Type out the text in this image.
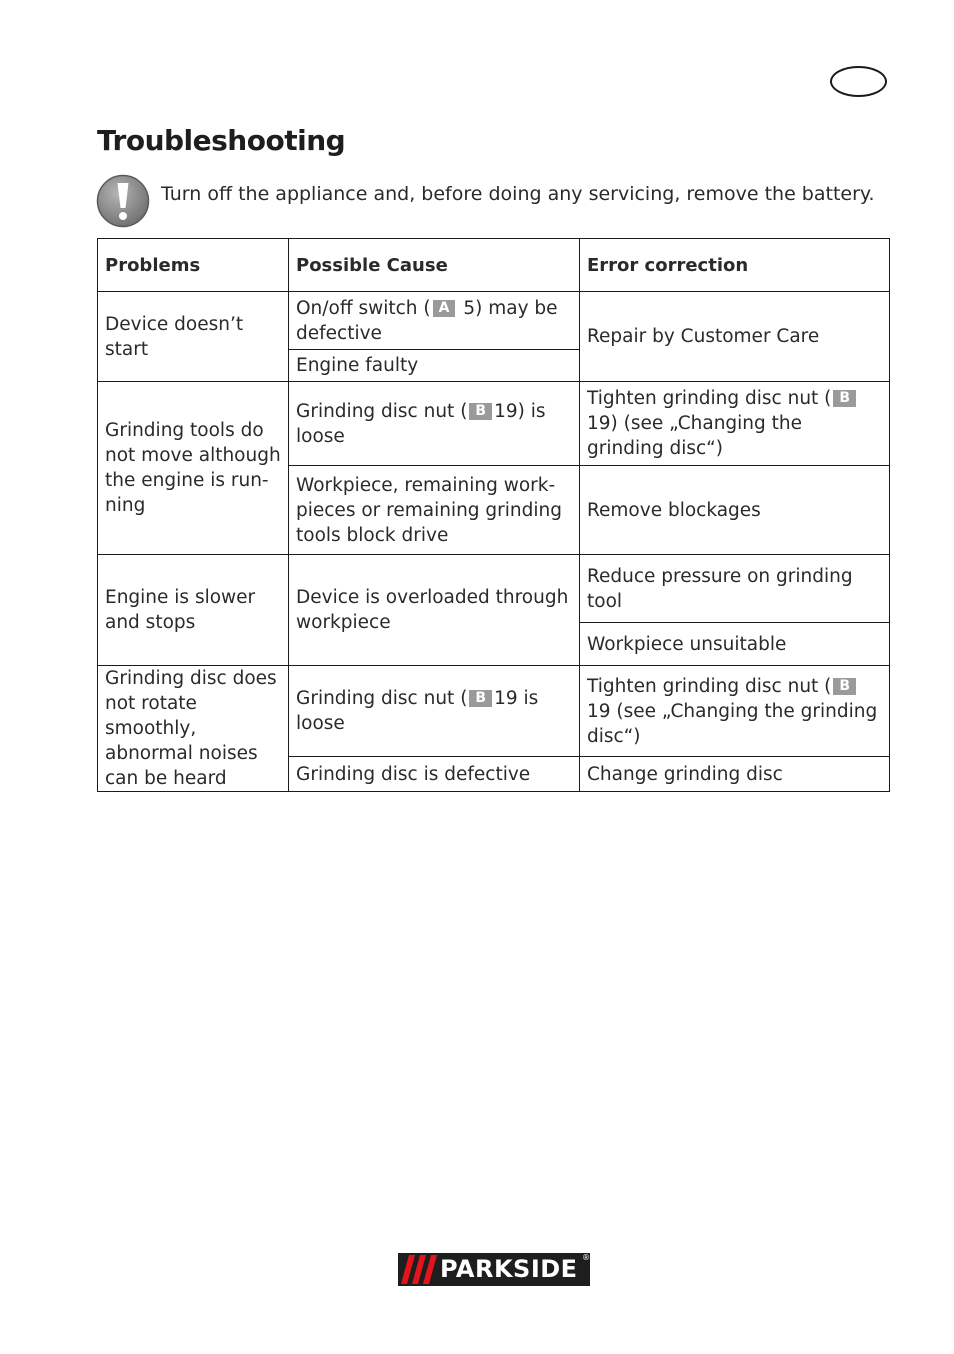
Troubleshooting

Turn off the appliance and, before doing any servicing, remove the battery.

Problems	Possible Cause	Error correction
Device doesn’t start	On/off switch ( A 5) may be defective	Repair by Customer Care
	Engine faulty	
Grinding tools do not move although the engine is run-ning	Grinding disc nut ( B 19) is loose	Tighten grinding disc nut ( B 19) (see „Changing the grinding disc“)
	Workpiece, remaining work-pieces or remaining grinding tools block drive	Remove blockages
Engine is slower and stops	Device is overloaded through workpiece	Reduce pressure on grinding tool
		Workpiece unsuitable
Grinding disc does not rotate smoothly, abnormal noises can be heard	Grinding disc nut ( B 19 is loose	Tighten grinding disc nut ( B 19 (see „Changing the grinding disc“)
	Grinding disc is defective	Change grinding disc
PARKSIDE ®
